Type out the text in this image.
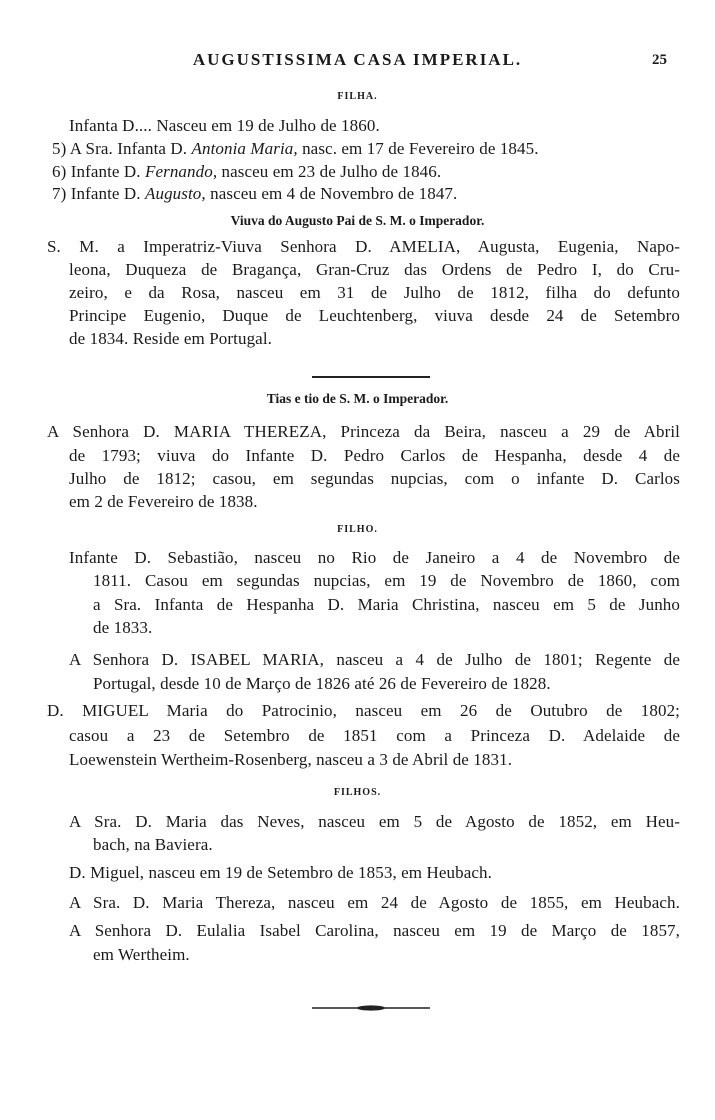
AUGUSTISSIMA CASA IMPERIAL.	25
FILHA.
Infanta D.... Nasceu em 19 de Julho de 1860.
5) A Sra. Infanta D. Antonia Maria, nasc. em 17 de Fevereiro de 1845.
6) Infante D. Fernando, nasceu em 23 de Julho de 1846.
7) Infante D. Augusto, nasceu em 4 de Novembro de 1847.
Viuva do Augusto Pai de S. M. o Imperador.
S. M. a Imperatriz-Viuva Senhora D. AMELIA, Augusta, Eugenia, Napo-
leona, Duqueza de Bragança, Gran-Cruz das Ordens de Pedro I, do Cru-
zeiro, e da Rosa, nasceu em 31 de Julho de 1812, filha do defunto
Principe Eugenio, Duque de Leuchtenberg, viuva desde 24 de Setembro
de 1834. Reside em Portugal.
Tias e tio de S. M. o Imperador.
A Senhora D. MARIA THEREZA, Princeza da Beira, nasceu a 29 de Abril
de 1793; viuva do Infante D. Pedro Carlos de Hespanha, desde 4 de
Julho de 1812; casou, em segundas nupcias, com o infante D. Carlos
em 2 de Fevereiro de 1838.
FILHO.
Infante D. Sebastião, nasceu no Rio de Janeiro a 4 de Novembro de
1811. Casou em segundas nupcias, em 19 de Novembro de 1860, com
a Sra. Infanta de Hespanha D. Maria Christina, nasceu em 5 de Junho
de 1833.
A Senhora D. ISABEL MARIA, nasceu a 4 de Julho de 1801; Regente de
Portugal, desde 10 de Março de 1826 até 26 de Fevereiro de 1828.
D. MIGUEL Maria do Patrocinio, nasceu em 26 de Outubro de 1802;
casou a 23 de Setembro de 1851 com a Princeza D. Adelaide de
Loewenstein Wertheim-Rosenberg, nasceu a 3 de Abril de 1831.
FILHOS.
A Sra. D. Maria das Neves, nasceu em 5 de Agosto de 1852, em Heu-
bach, na Baviera.
D. Miguel, nasceu em 19 de Setembro de 1853, em Heubach.
A Sra. D. Maria Thereza, nasceu em 24 de Agosto de 1855, em Heubach.
A Senhora D. Eulalia Isabel Carolina, nasceu em 19 de Março de 1857,
em Wertheim.
